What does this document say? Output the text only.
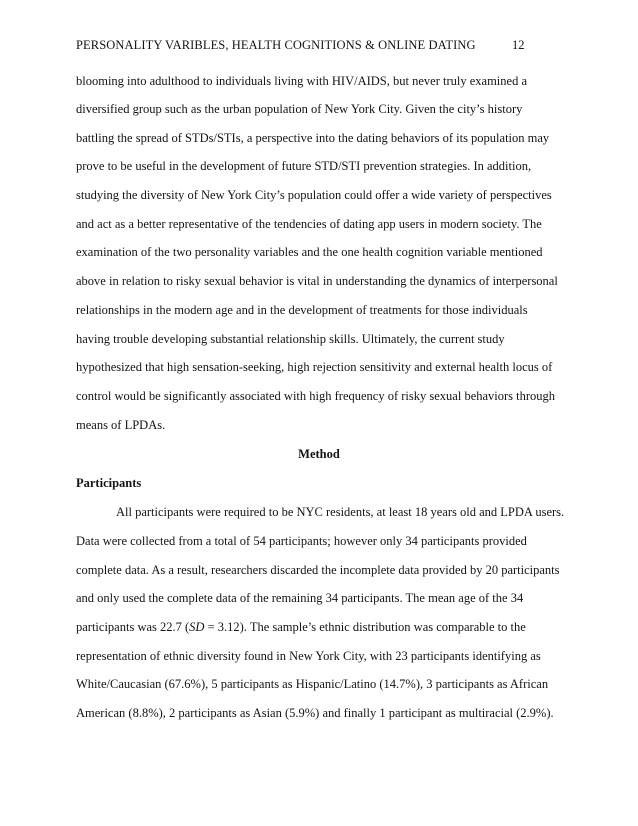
PERSONALITY VARIBLES, HEALTH COGNITIONS & ONLINE DATING	12
blooming into adulthood to individuals living with HIV/AIDS, but never truly examined a
diversified group such as the urban population of New York City. Given the city’s history
battling the spread of STDs/STIs, a perspective into the dating behaviors of its population may
prove to be useful in the development of future STD/STI prevention strategies. In addition,
studying the diversity of New York City’s population could offer a wide variety of perspectives
and act as a better representative of the tendencies of dating app users in modern society. The
examination of the two personality variables and the one health cognition variable mentioned
above in relation to risky sexual behavior is vital in understanding the dynamics of interpersonal
relationships in the modern age and in the development of treatments for those individuals
having trouble developing substantial relationship skills. Ultimately, the current study
hypothesized that high sensation-seeking, high rejection sensitivity and external health locus of
control would be significantly associated with high frequency of risky sexual behaviors through
means of LPDAs.
Method
Participants
All participants were required to be NYC residents, at least 18 years old and LPDA users.
Data were collected from a total of 54 participants; however only 34 participants provided
complete data. As a result, researchers discarded the incomplete data provided by 20 participants
and only used the complete data of the remaining 34 participants. The mean age of the 34
participants was 22.7 (SD = 3.12). The sample’s ethnic distribution was comparable to the
representation of ethnic diversity found in New York City, with 23 participants identifying as
White/Caucasian (67.6%), 5 participants as Hispanic/Latino (14.7%), 3 participants as African
American (8.8%), 2 participants as Asian (5.9%) and finally 1 participant as multiracial (2.9%).
